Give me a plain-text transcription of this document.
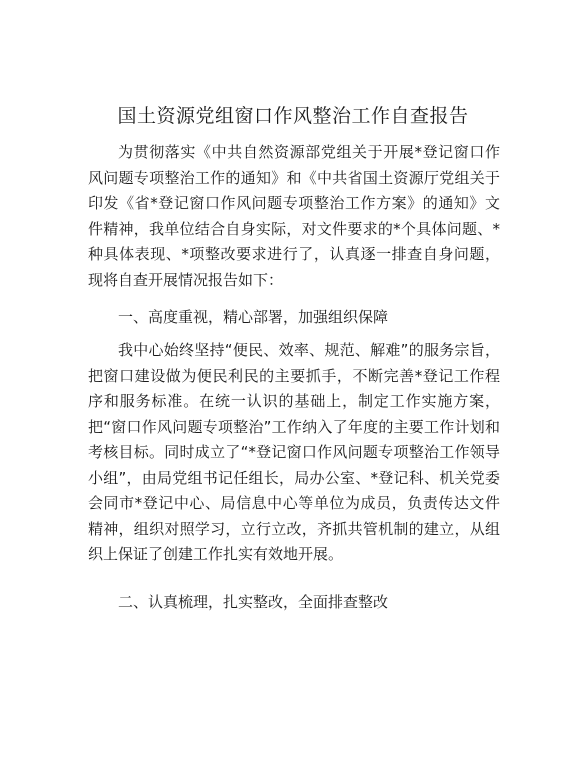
国土资源党组窗口作风整治工作自查报告

为贯彻落实《中共自然资源部党组关于开展*登记窗口作风问题专项整治工作的通知》和《中共省国土资源厅党组关于印发《省*登记窗口作风问题专项整治工作方案》的通知》文件精神，我单位结合自身实际，对文件要求的*个具体问题、*种具体表现、*项整改要求进行了，认真逐一排查自身问题，现将自查开展情况报告如下：

一、高度重视，精心部署，加强组织保障

我中心始终坚持“便民、效率、规范、解难”的服务宗旨，把窗口建设做为便民利民的主要抓手，不断完善*登记工作程序和服务标准。在统一认识的基础上，制定工作实施方案，把“窗口作风问题专项整治”工作纳入了年度的主要工作计划和考核目标。同时成立了“*登记窗口作风问题专项整治工作领导小组”，由局党组书记任组长，局办公室、*登记科、机关党委会同市*登记中心、局信息中心等单位为成员，负责传达文件精神，组织对照学习，立行立改，齐抓共管机制的建立，从组织上保证了创建工作扎实有效地开展。

二、认真梳理，扎实整改，全面排查整改
